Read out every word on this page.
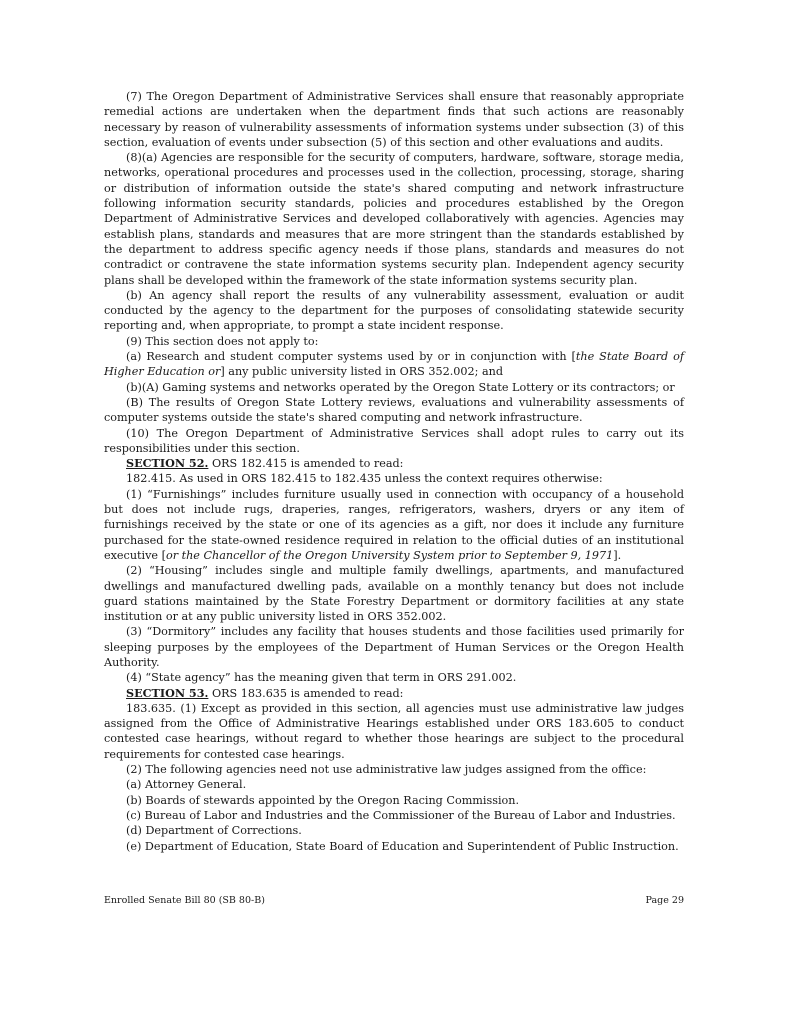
(7) The Oregon Department of Administrative Services shall ensure that reasonably appropriate remedial actions are undertaken when the department finds that such actions are reasonably necessary by reason of vulnerability assessments of information systems under subsection (3) of this section, evaluation of events under subsection (5) of this section and other evaluations and audits.

(8)(a) Agencies are responsible for the security of computers, hardware, software, storage media, networks, operational procedures and processes used in the collection, processing, storage, sharing or distribution of information outside the state's shared computing and network infrastructure following information security standards, policies and procedures established by the Oregon Department of Administrative Services and developed collaboratively with agencies. Agencies may establish plans, standards and measures that are more stringent than the standards established by the department to address specific agency needs if those plans, standards and measures do not contradict or contravene the state information systems security plan. Independent agency security plans shall be developed within the framework of the state information systems security plan.

(b) An agency shall report the results of any vulnerability assessment, evaluation or audit conducted by the agency to the department for the purposes of consolidating statewide security reporting and, when appropriate, to prompt a state incident response.

(9) This section does not apply to:

(a) Research and student computer systems used by or in conjunction with [the State Board of Higher Education or] any public university listed in ORS 352.002; and

(b)(A) Gaming systems and networks operated by the Oregon State Lottery or its contractors; or

(B) The results of Oregon State Lottery reviews, evaluations and vulnerability assessments of computer systems outside the state's shared computing and network infrastructure.

(10) The Oregon Department of Administrative Services shall adopt rules to carry out its responsibilities under this section.

SECTION 52. ORS 182.415 is amended to read:

182.415. As used in ORS 182.415 to 182.435 unless the context requires otherwise:

(1) “Furnishings” includes furniture usually used in connection with occupancy of a household but does not include rugs, draperies, ranges, refrigerators, washers, dryers or any item of furnishings received by the state or one of its agencies as a gift, nor does it include any furniture purchased for the state-owned residence required in relation to the official duties of an institutional executive [or the Chancellor of the Oregon University System prior to September 9, 1971].

(2) “Housing” includes single and multiple family dwellings, apartments, and manufactured dwellings and manufactured dwelling pads, available on a monthly tenancy but does not include guard stations maintained by the State Forestry Department or dormitory facilities at any state institution or at any public university listed in ORS 352.002.

(3) “Dormitory” includes any facility that houses students and those facilities used primarily for sleeping purposes by the employees of the Department of Human Services or the Oregon Health Authority.

(4) “State agency” has the meaning given that term in ORS 291.002.

SECTION 53. ORS 183.635 is amended to read:

183.635. (1) Except as provided in this section, all agencies must use administrative law judges assigned from the Office of Administrative Hearings established under ORS 183.605 to conduct contested case hearings, without regard to whether those hearings are subject to the procedural requirements for contested case hearings.

(2) The following agencies need not use administrative law judges assigned from the office:

(a) Attorney General.

(b) Boards of stewards appointed by the Oregon Racing Commission.

(c) Bureau of Labor and Industries and the Commissioner of the Bureau of Labor and Industries.

(d) Department of Corrections.

(e) Department of Education, State Board of Education and Superintendent of Public Instruction.

Enrolled Senate Bill 80 (SB 80-B)	Page 29
